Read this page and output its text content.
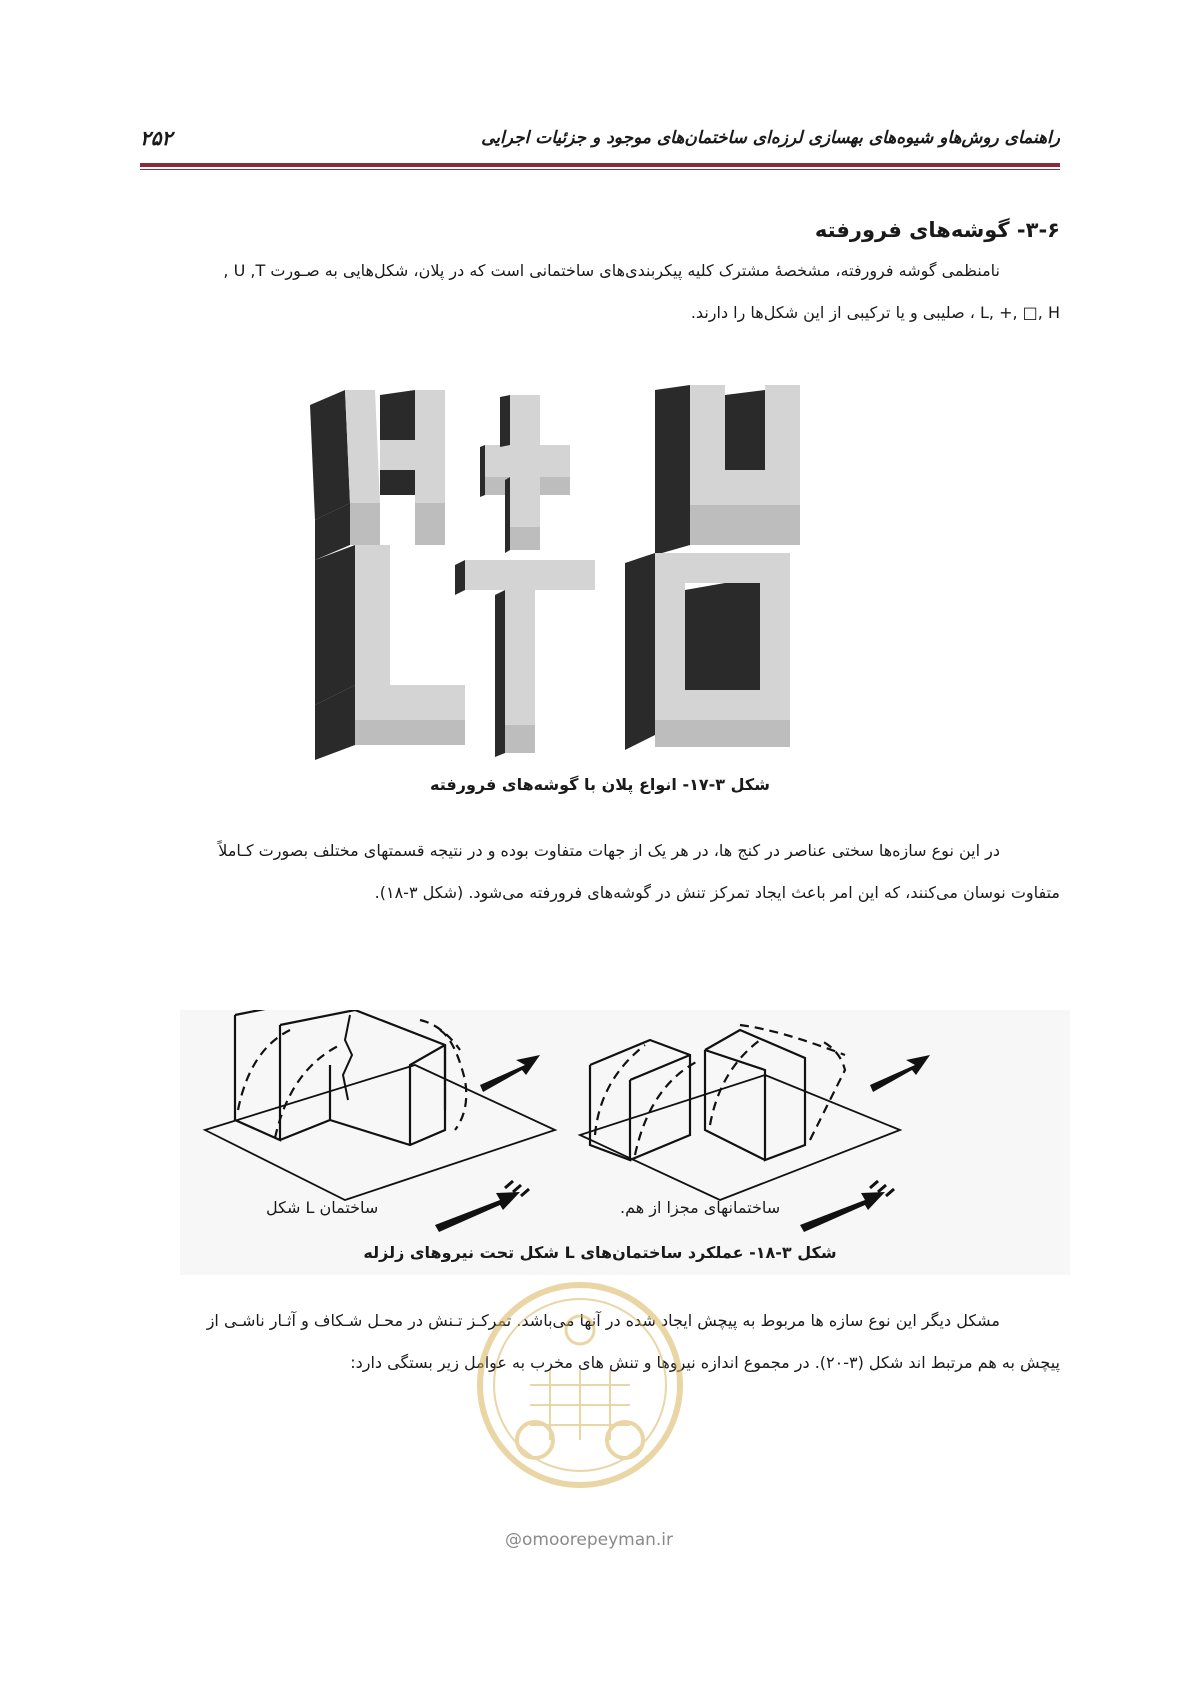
راهنمای روش‌هاو شیوه‌های بهسازی لرزه‌ای ساختمان‌های موجود و جزئیات اجرایی
۲۵۲
۳-۶- گوشه‌های فرورفته
نامنظمی گوشه فرورفته، مشخصهٔ مشترک کلیه پیکربندی‌های ساختمانی است که در پلان، شکل‌هایی به صـورت U ,T ,
L, +, □, H ، صلیبی و یا ترکیبی از این شکل‌ها را دارند.
شکل ۳-۱۷- انواع پلان با گوشه‌های فرورفته
در این نوع سازه‌ها سختی عناصر در کنج ها، در هر یک از جهات متفاوت بوده و در نتیجه قسمتهای مختلف بصورت کـاملاً
متفاوت نوسان می‌کنند، که این امر باعث ایجاد تمرکز تنش در گوشه‌های فرورفته می‌شود. (شکل ۳-۱۸).
ساختمان L شکل	ساختمانهای مجزا از هم.
شکل ۳-۱۸- عملکرد ساختمان‌های L شکل تحت نیروهای زلزله
مشکل دیگر این نوع سازه ها مربوط به پیچش ایجاد شده در آنها می‌باشد. تمرکـز تـنش در محـل شـکاف و آثـار ناشـی از
پیچش به هم مرتبط اند شکل (۳-۲۰). در مجموع اندازه نیروها و تنش های مخرب به عوامل زیر بستگی دارد:
@omoorepeyman.ir
